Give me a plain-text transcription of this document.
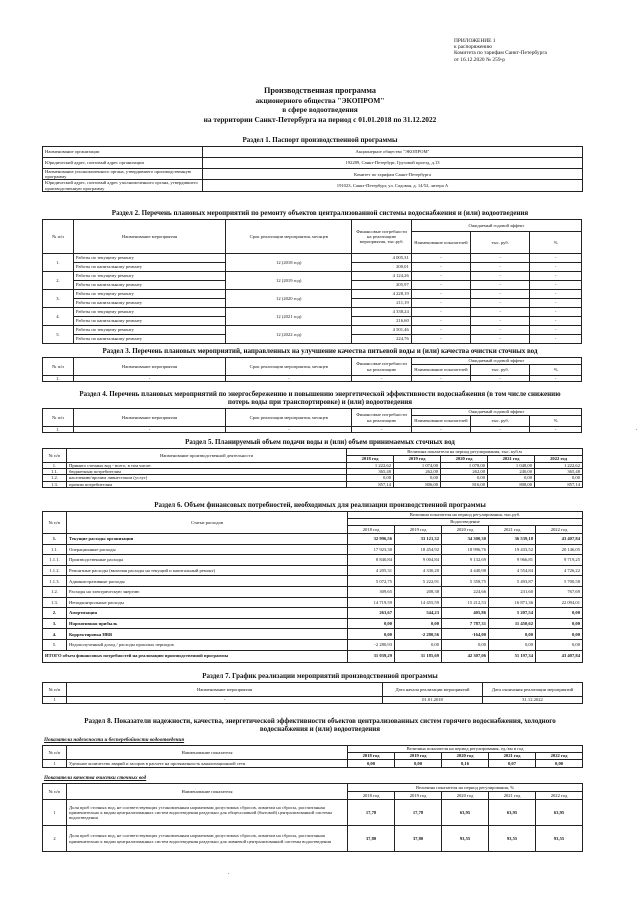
ПРИЛОЖЕНИЕ 1
к распоряжению
Комитета по тарифам Санкт-Петербурга
от 16.12.2020 № 259-р
Производственная программа
акционерного общества "ЭКОПРОМ"
в сфере водоотведения
на территории Санкт-Петербурга на период с 01.01.2018 по 31.12.2022
Раздел 1. Паспорт производственной программы
Наименование организации	Акционерное общество "ЭКОПРОМ"
Юридический адрес, почтовый адрес организации	192289, Санкт-Петербург, Грузовой проезд, д.13
Наименование уполномоченного органа, утвердившего производственную программу	Комитет по тарифам Санкт-Петербурга
Юридический адрес, почтовый адрес уполномоченного органа, утвердившего производственную программу	191023, Санкт-Петербург, ул. Садовая, д. 14/52, литера А
Раздел 2. Перечень плановых мероприятий по ремонту объектов централизованной системы водоснабжения и (или) водоотведения
№ п/п	Наименование мероприятия	Срок реализации мероприятия, месяцев	Финансовые потребности на реализацию мероприятия, тыс.руб.	Ожидаемый годовой эффект		
				Наименование показателей	тыс. руб.	%
1.	Работы по текущему ремонту	12 (2018 год)	4 005,31	-	-	-
	Работы по капитальному ремонту		200,01	-	-	-
2.	Работы по текущему ремонту	12 (2019 год)	4 124,26	-	-	-
	Работы по капитальному ремонту		205,97	-	-	-
3.	Работы по текущему ремонту	12 (2020 год)	4 228,19	-	-	-
	Работы по капитальному ремонту		211,19	-	-	-
4.	Работы по текущему ремонту	12 (2021 год)	4 338,24	-	-	-
	Работы по капитальному ремонту		216,60	-	-	-
5.	Работы по текущему ремонту	12 (2022 год)	4 501,46	-	-	-
	Работы по капитальному ремонту		224,76	-	-	-
Раздел 3. Перечень плановых мероприятий, направленных на улучшение качества питьевой воды и (или) качества очистки сточных вод
№ п/п	Наименование мероприятия	Срок реализации мероприятия, месяцев	Финансовые потребности на реализацию	Ожидаемый годовой эффект		
				Наименование показателей	тыс. руб.	%
1.	-	-	-	-	-	-
Раздел 4. Перечень плановых мероприятий по энергосбережению и повышению энергетической эффективности водоснабжения (в том числе снижению
потерь воды при транспортировке) и (или) водоотведения
№ п/п	Наименование мероприятия	Срок реализации мероприятия, месяцев	Финансовые потребности на реализацию	Ожидаемый годовой эффект		
				Наименование показателей	тыс. руб.	%
1.	-	-	-	-	-	-
Раздел 5. Планируемый объем подачи воды и (или) объем принимаемых сточных вод
№ п/п	Наименование производственной деятельности	Величина показателя на период регулирования, тыс. куб.м				
		2018 год	2019 год	2020 год	2021 год	2022 год
1.	Принято сточных вод - всего, в том числе:	1 222,62	1 074,00	1 078,00	1 048,00	1 222,62
1.1.	бюджетным потребителям	365,48	262,00	262,00	240,00	365,48
1.2.	населению/прочим ливнестоком (услуг)	0,00	0,00	0,00	0,00	0,00
1.3.	прочим потребителям	857,14	806,00	816,00	808,00	857,14
Раздел 6. Объем финансовых потребностей, необходимых для реализации производственной программы
№ п/п	Статьи расходов	Величина показателя на период регулирования, тыс.руб.				
		Водоотведение				
		2018 год	2019 год	2020 год	2021 год	2022 год
1.	Текущие расходы организации	32 996,56	33 121,32	34 300,30	36 539,18	43 407,84
1.1.	Операционные расходы	17 923,30	18 454,92	18 996,76	19 433,52	20 146,05
1.1.1.	Производственные расходы	8 840,84	9 004,84	9 132,69	9 966,81	9 719,25
1.1.2.	Ремонтные расходы (включая расходы на текущий и капитальный ремонт)	4 205,31	4 330,20	4 440,98	4 554,84	4 726,22
1.1.3.	Административные расходы	5 072,75	5 222,91	5 358,75	5 493,87	5 700,58
1.2.	Расходы на электрическую энергию	309,65	208,38	224,66	231,60	767,69
1.3.	Неподконтрольные расходы	14 719,59	14 455,59	15 212,53	16 871,36	22 094,01
2.	Амортизация	263,67	544,23	405,86	5 207,54	0,00
3.	Нормативная прибыль	0,00	0,00	7 787,31	11 450,62	0,00
4.	Корректировка НВВ	0,00	-2 280,56	-164,00	0,00	0,00
5.	Недополученный доход / расходы прошлых периодов	-2 280,93	0,00	0,00	0,00	0,00
ИТОГО объем финансовых потребностей на реализацию производственной программы		31 039,29	31 185,69	42 307,06	51 197,34	43 407,84
Раздел 7. График реализации мероприятий производственной программы
№ п/п	Наименование мероприятия	Дата начала реализации мероприятий	Дата окончания реализации мероприятий
1	-	01.01.2018	31.12.2022
Раздел 8. Показатели надежности, качества, энергетической эффективности объектов централизованных систем горячего водоснабжения, холодного
водоснабжения и (или) водоотведения
Показатели надежности и бесперебойности водоотведения
№ п/п	Наименование показателя	Величина показателя на период регулирования, ед./км в год				
		2018 год	2019 год	2020 год	2021 год	2022 год
1	Удельное количество аварий и засоров в расчете на протяженность канализационной сети	0,00	0,00	0,16	0,07	0,00
Показатели качества очистки сточных вод
№ п/п	Наименование показателя	Величина показателя на период регулирования, %				
		2018 год	2019 год	2020 год	2021 год	2022 год
1	Доля проб сточных вод, не соответствующих установленным нормативам допустимых сбросов, лимитам на сбросы, рассчитанная применительно к видам централизованных систем водоотведения раздельно для общесплавной (бытовой) централизованной системы водоотведения	17,78	17,78	63,95	63,95	63,95
2	Доля проб сточных вод, не соответствующих установленным нормативам допустимых сбросов, лимитам на сбросы, рассчитанная применительно к видам централизованных систем водоотведения раздельно для ливневой централизованной системы водоотведения	37,80	37,80	93,55	93,55	93,55
.
.
